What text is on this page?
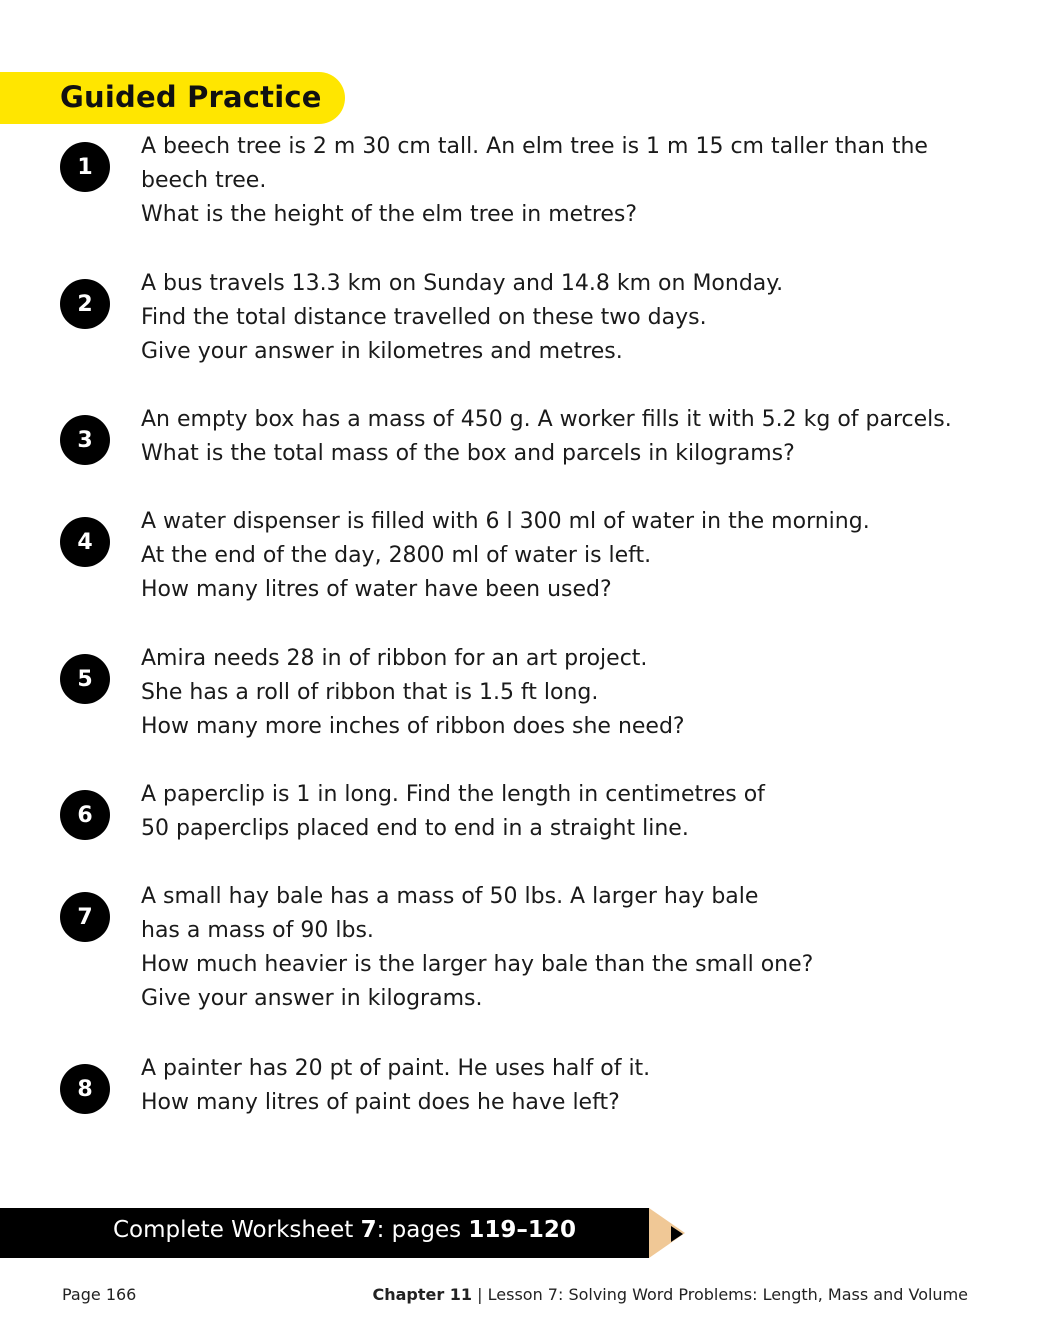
Guided Practice
1
A beech tree is 2 m 30 cm tall. An elm tree is 1 m 15 cm taller than the
beech tree.
What is the height of the elm tree in metres?
2
A bus travels 13.3 km on Sunday and 14.8 km on Monday.
Find the total distance travelled on these two days.
Give your answer in kilometres and metres.
3
An empty box has a mass of 450 g. A worker fills it with 5.2 kg of parcels.
What is the total mass of the box and parcels in kilograms?
4
A water dispenser is filled with 6 l 300 ml of water in the morning.
At the end of the day, 2800 ml of water is left.
How many litres of water have been used?
5
Amira needs 28 in of ribbon for an art project.
She has a roll of ribbon that is 1.5 ft long.
How many more inches of ribbon does she need?
6
A paperclip is 1 in long. Find the length in centimetres of
50 paperclips placed end to end in a straight line.
7
A small hay bale has a mass of 50 lbs. A larger hay bale
has a mass of 90 lbs.
How much heavier is the larger hay bale than the small one?
Give your answer in kilograms.
8
A painter has 20 pt of paint. He uses half of it.
How many litres of paint does he have left?
Complete Worksheet 7: pages 119–120
Page 166	Chapter 11 | Lesson 7: Solving Word Problems: Length, Mass and Volume
